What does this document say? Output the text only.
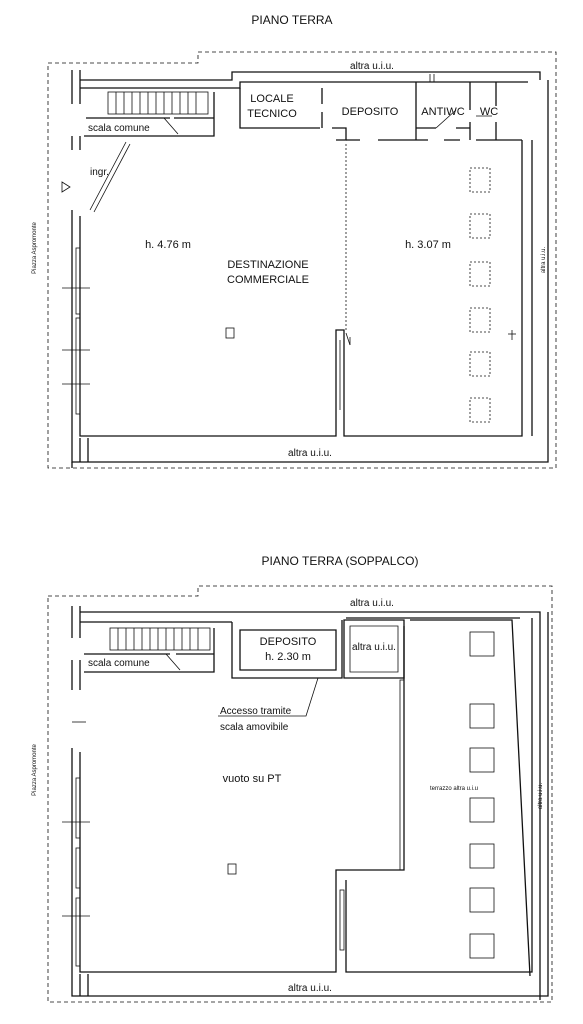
PIANO TERRA
scala comune
ingr.
LOCALE
TECNICO	DEPOSITO ANTIWC WC
h. 4.76 m	h. 3.07 m
DESTINAZIONE
COMMERCIALE
altra u.i.u.
altra u.i.u.
altra u.i.u.
Piazza Aspromonte
PIANO TERRA (SOPPALCO)
scala comune
DEPOSITO
h. 2.30 m
altra u.i.u.
Accesso tramite
scala amovibile
vuoto su PT
terrazzo altra u.i.u
altra u.i.u.
altra u.i.u.
altra u.i.u.
Piazza Aspromonte
